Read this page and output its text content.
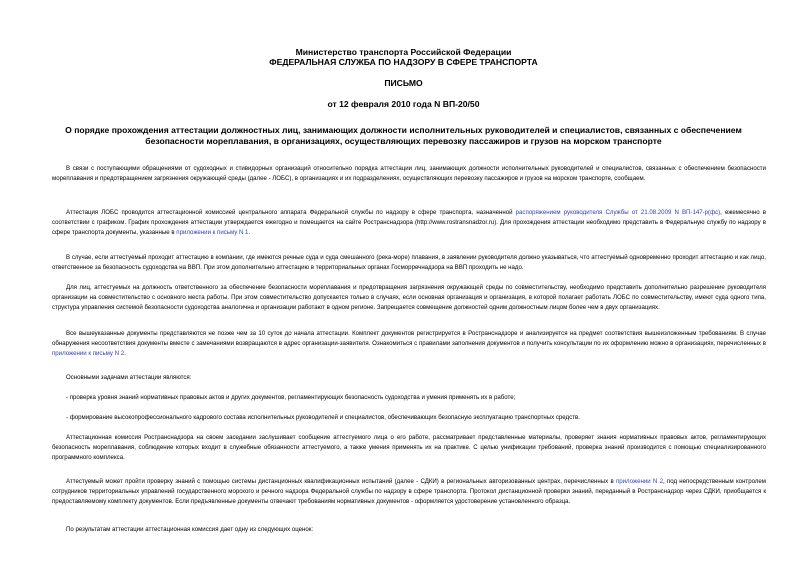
Министерство транспорта Российской Федерации
ФЕДЕРАЛЬНАЯ СЛУЖБА ПО НАДЗОРУ В СФЕРЕ ТРАНСПОРТА
ПИСЬМО
от 12 февраля 2010 года N ВП-20/50
О порядке прохождения аттестации должностных лиц, занимающих должности исполнительных руководителей и специалистов, связанных с обеспечением безопасности мореплавания, в организациях, осуществляющих перевозку пассажиров и грузов на морском транспорте
В связи с поступающими обращениями от судоходных и стивидорных организаций относительно порядка аттестации лиц, занимающих должности исполнительных руководителей и специалистов, связанных с обеспечением безопасности мореплавания и предотвращением загрязнения окружающей среды (далее - ЛОБС), в организациях и их подразделениях, осуществляющих перевозку пассажиров и грузов на морском транспорте, сообщаем.
Аттестация ЛОБС проводится аттестационной комиссией центрального аппарата Федеральной службы по надзору в сфере транспорта, назначенной распоряжением руководителя Службы от 21.08.2009 N ВП-147-р(фс), ежемесячно в соответствии с графиком. График прохождения аттестации утверждается ежегодно и помещается на сайте Ространснадзора (http://www.rostransnadzor.ru). Для прохождения аттестации необходимо представить в Федеральную службу по надзору в сфере транспорта документы, указанные в приложении к письму N 1.
В случае, если аттестуемый проходит аттестацию в компании, где имеются речные суда и суда смешанного (река-море) плавания, в заявлении руководителя должно указываться, что аттестуемый одновременно проходит аттестацию и как лицо, ответственное за безопасность судоходства на ВВП. При этом дополнительно аттестацию в территориальных органах Госморречнадзора на ВВП проходить не надо.
Для лиц, аттестуемых на должность ответственного за обеспечение безопасности мореплавания и предотвращения загрязнения окружающей среды по совместительству, необходимо представить дополнительно разрешение руководителя организации на совместительство с основного места работы. При этом совместительство допускается только в случаях, если основная организация и организация, в которой полагает работать ЛОБС по совместительству, имеют суда одного типа, структура управления системой безопасности судоходства аналогична и организации работают в одном регионе. Запрещается совмещение должностей одним должностным лицом более чем в двух организациях.
Все вышеуказанные документы представляются не позже чем за 10 суток до начала аттестации. Комплект документов регистрируется в Ространснадзоре и анализируется на предмет соответствия вышеизложенным требованиям. В случае обнаружения несоответствия документы вместе с замечаниями возвращаются в адрес организации-заявителя. Ознакомиться с правилами заполнения документов и получить консультации по их оформлению можно в организациях, перечисленных в приложении к письму N 2.
Основными задачами аттестации являются:
- проверка уровня знаний нормативных правовых актов и других документов, регламентирующих безопасность судоходства и умения применять их в работе;
- формирование высокопрофессионального кадрового состава исполнительных руководителей и специалистов, обеспечивающих безопасную эксплуатацию транспортных средств.
Аттестационная комиссия Ространснадзора на своем заседании заслушивает сообщение аттестуемого лица о его работе, рассматривает представленные материалы, проверяет знания нормативных правовых актов, регламентирующих безопасность мореплавания, соблюдение которых входит в служебные обязанности аттестуемого, а также умения применять их на практике. С целью унификации требований, проверка знаний производится с помощью специализированного программного комплекса.
Аттестуемый может пройти проверку знаний с помощью системы дистанционных квалификационных испытаний (далее - СДКИ) в региональных авторизованных центрах, перечисленных в приложении N 2, под непосредственным контролем сотрудников территориальных управлений государственного морского и речного надзора Федеральной службы по надзору в сфере транспорта. Протокол дистанционной проверки знаний, переданный в Ространснадзор через СДКИ, приобщается к предоставляемому комплекту документов. Если предъявленные документы отвечают требованиям нормативных документов - оформляется удостоверение установленного образца.
По результатам аттестации аттестационная комиссия дает одну из следующих оценок:
